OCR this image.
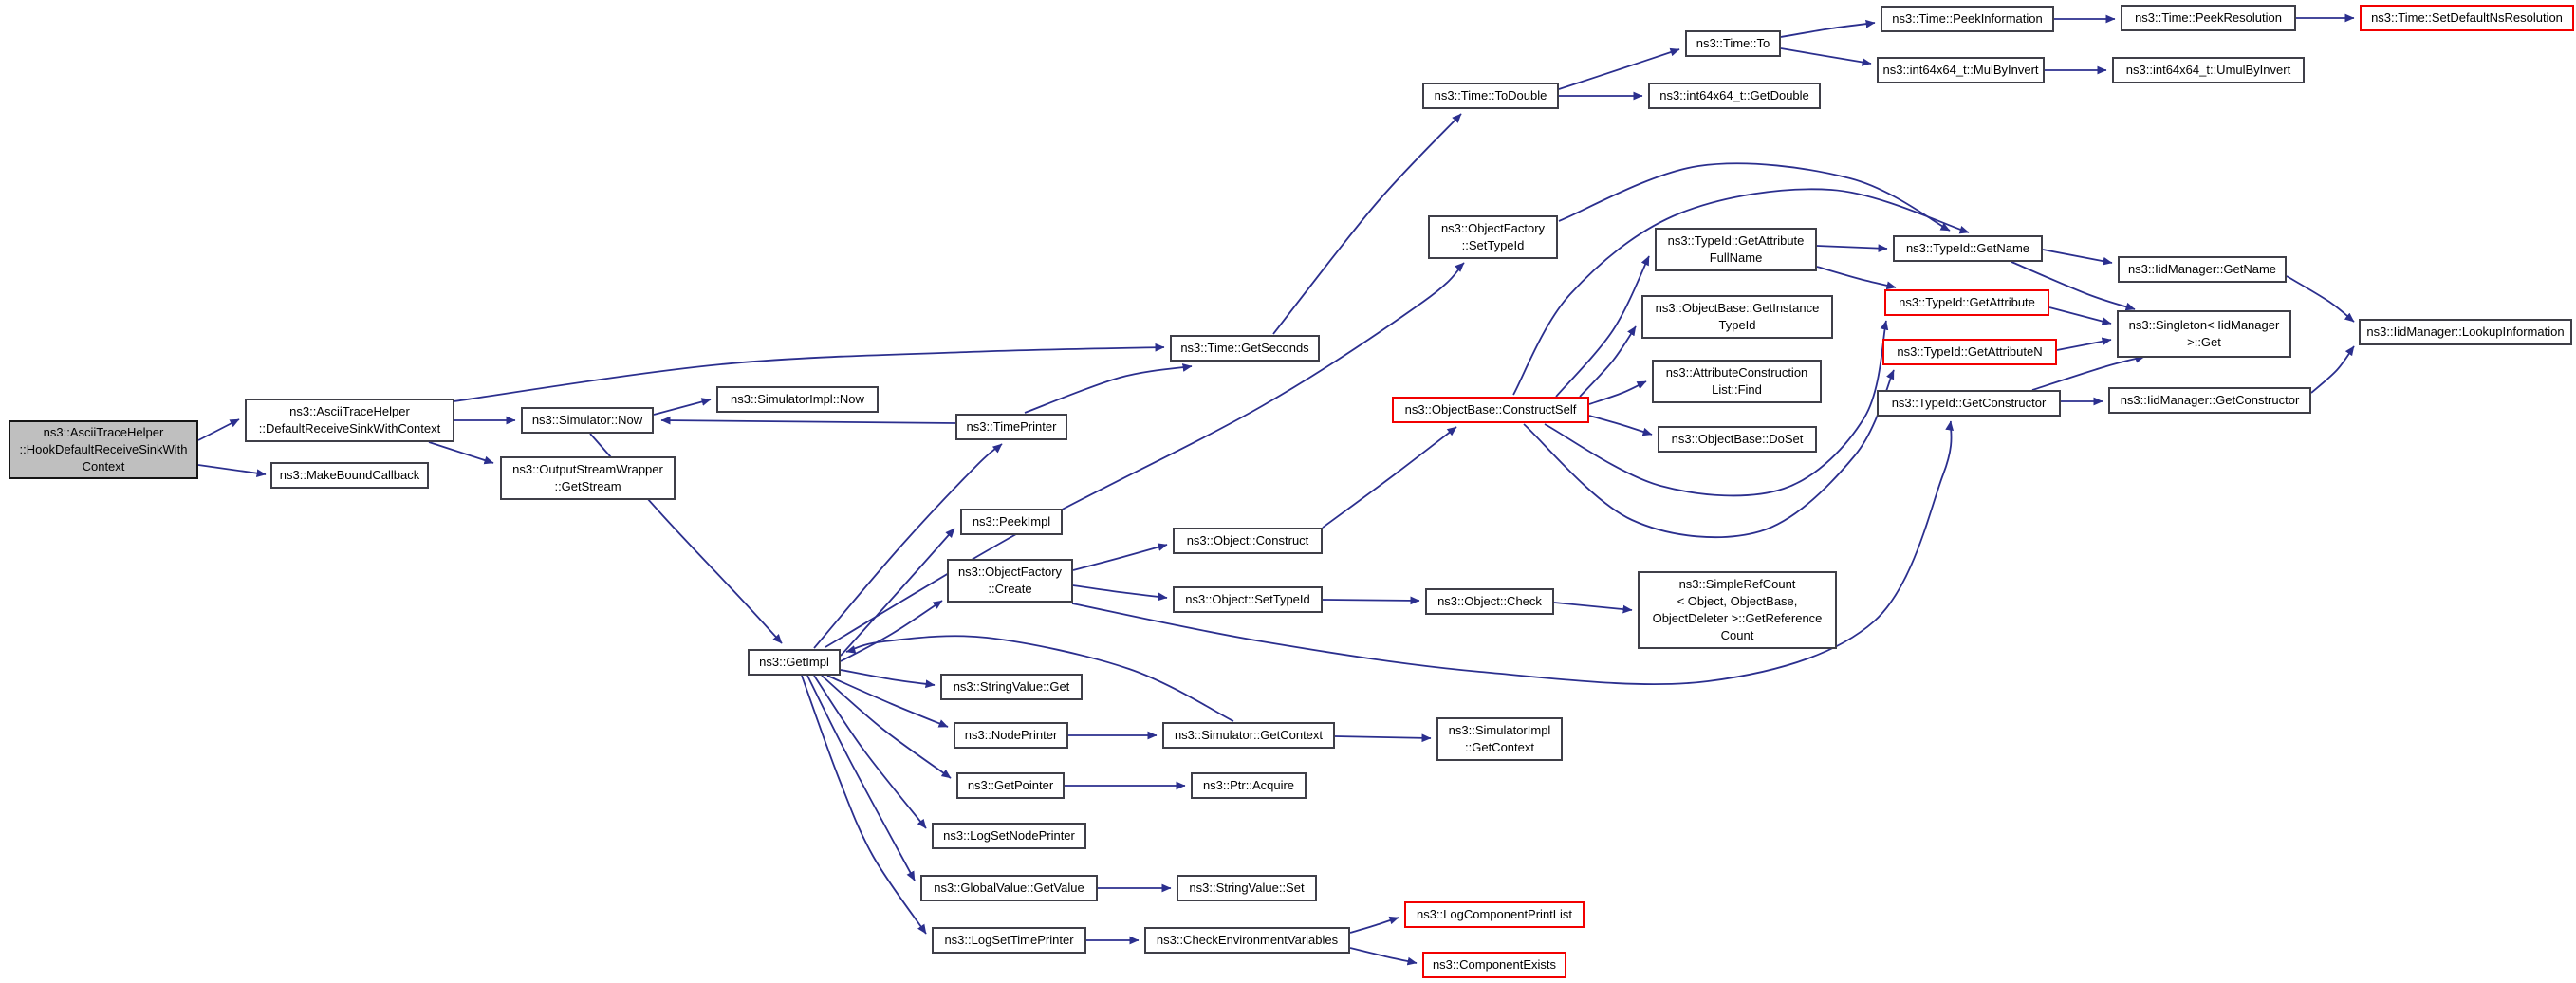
ns3::AsciiTraceHelper
::HookDefaultReceiveSinkWith
Context
ns3::AsciiTraceHelper
::DefaultReceiveSinkWithContext
ns3::MakeBoundCallback
ns3::Simulator::Now
ns3::SimulatorImpl::Now
ns3::OutputStreamWrapper
::GetStream
ns3::TimePrinter
ns3::Time::GetSeconds
ns3::Time::ToDouble
ns3::Time::To
ns3::int64x64_t::GetDouble
ns3::Time::PeekInformation
ns3::int64x64_t::MulByInvert
ns3::Time::PeekResolution	ns3::Time::SetDefaultNsResolution
ns3::int64x64_t::UmulByInvert
ns3::ObjectFactory
::SetTypeId	ns3::TypeId::GetAttribute
FullName
ns3::ObjectBase::GetInstance
TypeId
ns3::AttributeConstruction
List::Find
ns3::ObjectBase::DoSet
ns3::ObjectBase::ConstructSelf
ns3::TypeId::GetName
ns3::IidManager::GetName
ns3::TypeId::GetAttribute
ns3::Singleton< IidManager
>::Get
ns3::TypeId::GetAttributeN
ns3::TypeId::GetConstructor	ns3::IidManager::GetConstructor
ns3::IidManager::LookupInformation
ns3::PeekImpl
ns3::ObjectFactory
::Create
ns3::Object::Construct
ns3::Object::SetTypeId	ns3::Object::Check
ns3::SimpleRefCount
< Object, ObjectBase,
ObjectDeleter >::GetReference
Count
ns3::GetImpl
ns3::StringValue::Get
ns3::NodePrinter	ns3::Simulator::GetContext	ns3::SimulatorImpl
::GetContext
ns3::GetPointer	ns3::Ptr::Acquire
ns3::LogSetNodePrinter
ns3::GlobalValue::GetValue	ns3::StringValue::Set
ns3::LogSetTimePrinter	ns3::CheckEnvironmentVariables
ns3::LogComponentPrintList
ns3::ComponentExists
